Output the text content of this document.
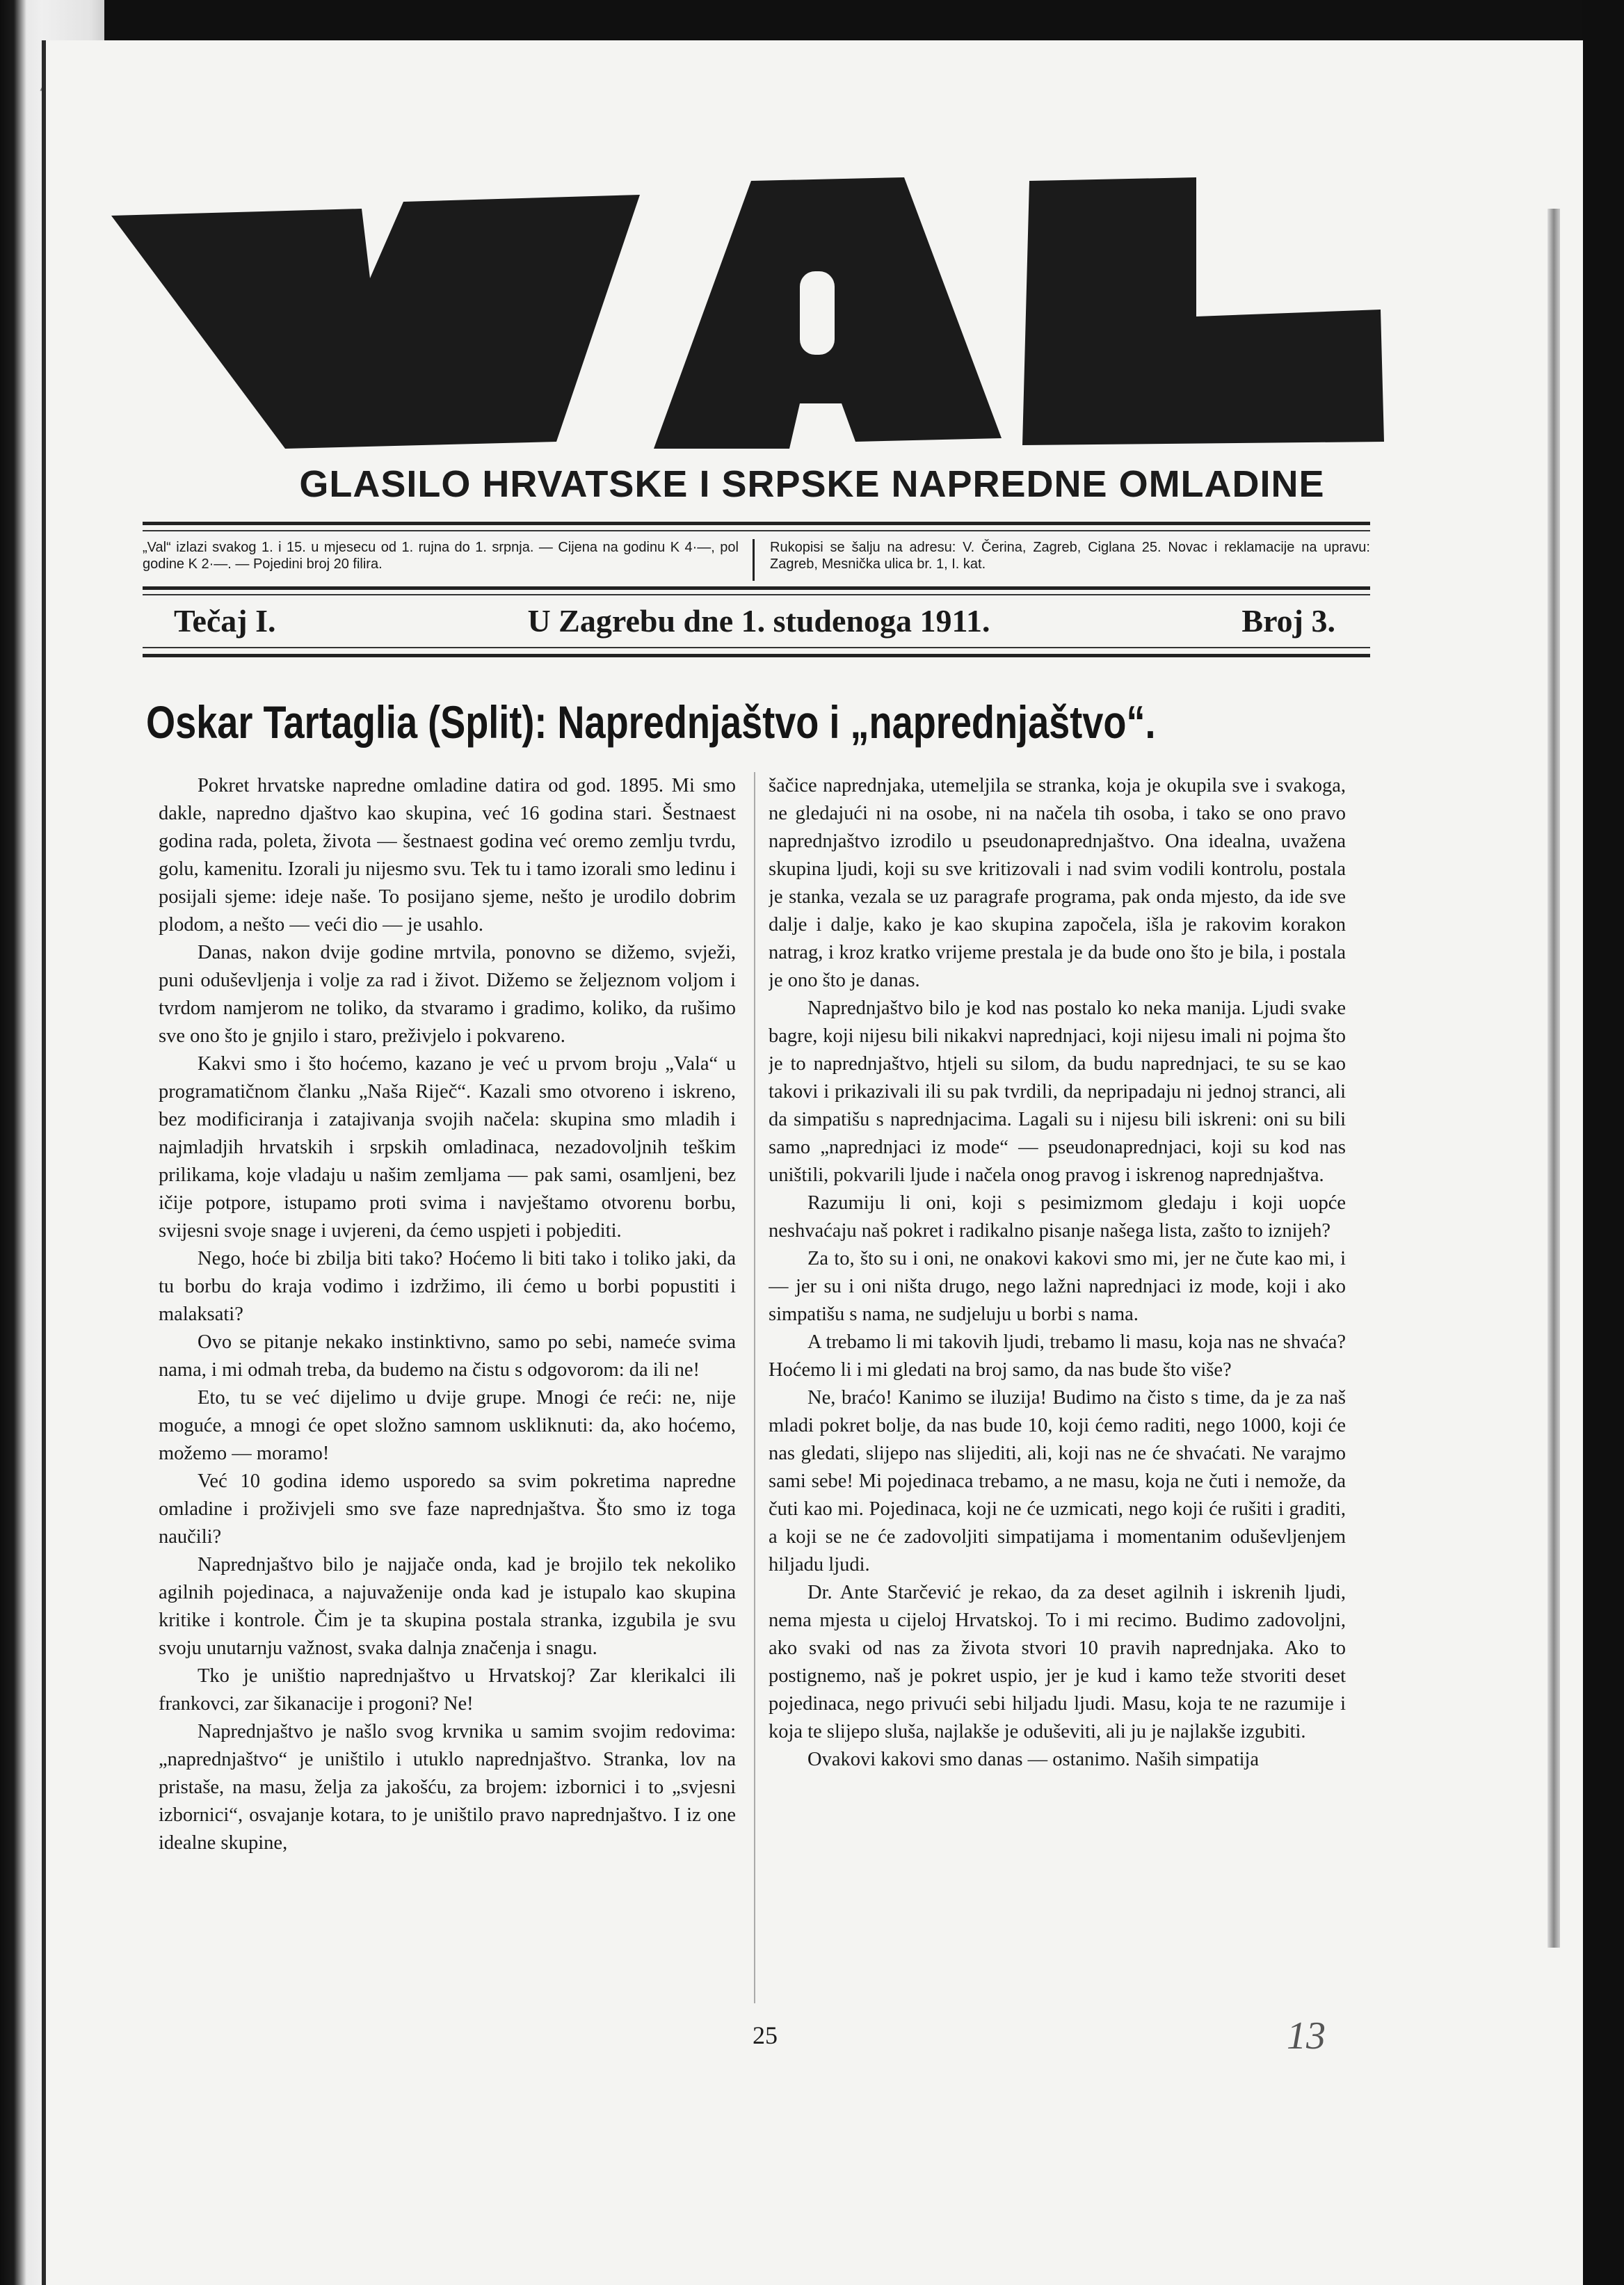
GLASILO HRVATSKE I SRPSKE NAPREDNE OMLADINE
„Val“ izlazi svakog 1. i 15. u mjesecu od 1. rujna do 1. srpnja. — Cijena na godinu K 4·—, pol godine K 2·—. — Pojedini broj 20 filira.
Rukopisi se šalju na adresu: V. Čerina, Zagreb, Ciglana 25. Novac i reklamacije na upravu: Zagreb, Mesnička ulica br. 1, I. kat.
Tečaj I.	U Zagrebu dne 1. studenoga 1911.	Broj 3.
Oskar Tartaglia (Split): Naprednjaštvo i „naprednjaštvo“.

Pokret hrvatske napredne omladine datira od god. 1895. Mi smo dakle, napredno djaštvo kao skupina, već 16 godina stari. Šestnaest godina rada, poleta, života — šestnaest godina već oremo zemlju tvrdu, golu, kamenitu. Izorali ju nijesmo svu. Tek tu i tamo izorali smo ledinu i posijali sjeme: ideje naše. To posijano sjeme, nešto je urodilo dobrim plodom, a nešto — veći dio — je usahlo.

Danas, nakon dvije godine mrtvila, ponovno se dižemo, svježi, puni oduševljenja i volje za rad i život. Dižemo se željeznom voljom i tvrdom namjerom ne toliko, da stvaramo i gradimo, koliko, da rušimo sve ono što je gnjilo i staro, preživjelo i pokvareno.

Kakvi smo i što hoćemo, kazano je već u prvom broju „Vala“ u programatičnom članku „Naša Riječ“. Kazali smo otvoreno i iskreno, bez modificiranja i zatajivanja svojih načela: skupina smo mladih i najmladjih hrvatskih i srpskih omladinaca, nezadovoljnih teškim prilikama, koje vladaju u našim zemljama — pak sami, osamljeni, bez ičije potpore, istupamo proti svima i navještamo otvorenu borbu, svijesni svoje snage i uvjereni, da ćemo uspjeti i pobjediti.

Nego, hoće bi zbilja biti tako? Hoćemo li biti tako i toliko jaki, da tu borbu do kraja vodimo i izdržimo, ili ćemo u borbi popustiti i malaksati?

Ovo se pitanje nekako instinktivno, samo po sebi, nameće svima nama, i mi odmah treba, da budemo na čistu s odgovorom: da ili ne!

Eto, tu se već dijelimo u dvije grupe. Mnogi će reći: ne, nije moguće, a mnogi će opet složno samnom uskliknuti: da, ako hoćemo, možemo — moramo!

Već 10 godina idemo usporedo sa svim pokretima napredne omladine i proživjeli smo sve faze naprednjaštva. Što smo iz toga naučili?

Naprednjaštvo bilo je najjače onda, kad je brojilo tek nekoliko agilnih pojedinaca, a najuvaženije onda kad je istupalo kao skupina kritike i kontrole. Čim je ta skupina postala stranka, izgubila je svu svoju unutarnju važnost, svaka dalnja značenja i snagu.

Tko je uništio naprednjaštvo u Hrvatskoj? Zar klerikalci ili frankovci, zar šikanacije i progoni? Ne!

Naprednjaštvo je našlo svog krvnika u samim svojim redovima: „naprednjaštvo“ je uništilo i utuklo naprednjaštvo. Stranka, lov na pristaše, na masu, želja za jakošću, za brojem: izbornici i to „svjesni izbornici“, osvajanje kotara, to je uništilo pravo naprednjaštvo. I iz one idealne skupine,

šačice naprednjaka, utemeljila se stranka, koja je okupila sve i svakoga, ne gledajući ni na osobe, ni na načela tih osoba, i tako se ono pravo naprednjaštvo izrodilo u pseudonaprednjaštvo. Ona idealna, uvažena skupina ljudi, koji su sve kritizovali i nad svim vodili kontrolu, postala je stanka, vezala se uz paragrafe programa, pak onda mjesto, da ide sve dalje i dalje, kako je kao skupina započela, išla je rakovim korakon natrag, i kroz kratko vrijeme prestala je da bude ono što je bila, i postala je ono što je danas.

Naprednjaštvo bilo je kod nas postalo ko neka manija. Ljudi svake bagre, koji nijesu bili nikakvi naprednjaci, koji nijesu imali ni pojma što je to naprednjaštvo, htjeli su silom, da budu naprednjaci, te su se kao takovi i prikazivali ili su pak tvrdili, da nepripadaju ni jednoj stranci, ali da simpatišu s naprednjacima. Lagali su i nijesu bili iskreni: oni su bili samo „naprednjaci iz mode“ — pseudonaprednjaci, koji su kod nas uništili, pokvarili ljude i načela onog pravog i iskrenog naprednjaštva.

Razumiju li oni, koji s pesimizmom gledaju i koji uopće neshvaćaju naš pokret i radikalno pisanje našega lista, zašto to iznijeh?

Za to, što su i oni, ne onakovi kakovi smo mi, jer ne čute kao mi, i — jer su i oni ništa drugo, nego lažni naprednjaci iz mode, koji i ako simpatišu s nama, ne sudjeluju u borbi s nama.

A trebamo li mi takovih ljudi, trebamo li masu, koja nas ne shvaća? Hoćemo li i mi gledati na broj samo, da nas bude što više?

Ne, braćo! Kanimo se iluzija! Budimo na čisto s time, da je za naš mladi pokret bolje, da nas bude 10, koji ćemo raditi, nego 1000, koji će nas gledati, slijepo nas slijediti, ali, koji nas ne će shvaćati. Ne varajmo sami sebe! Mi pojedinaca trebamo, a ne masu, koja ne čuti i nemože, da čuti kao mi. Pojedinaca, koji ne će uzmicati, nego koji će rušiti i graditi, a koji se ne će zadovoljiti simpatijama i momentanim oduševljenjem hiljadu ljudi.

Dr. Ante Starčević je rekao, da za deset agilnih i iskrenih ljudi, nema mjesta u cijeloj Hrvatskoj. To i mi recimo. Budimo zadovoljni, ako svaki od nas za života stvori 10 pravih naprednjaka. Ako to postignemo, naš je pokret uspio, jer je kud i kamo teže stvoriti deset pojedinaca, nego privući sebi hiljadu ljudi. Masu, koja te ne razumije i koja te slijepo sluša, najlakše je oduševiti, ali ju je najlakše izgubiti.

Ovakovi kakovi smo danas — ostanimo. Naših simpatija

25	13
